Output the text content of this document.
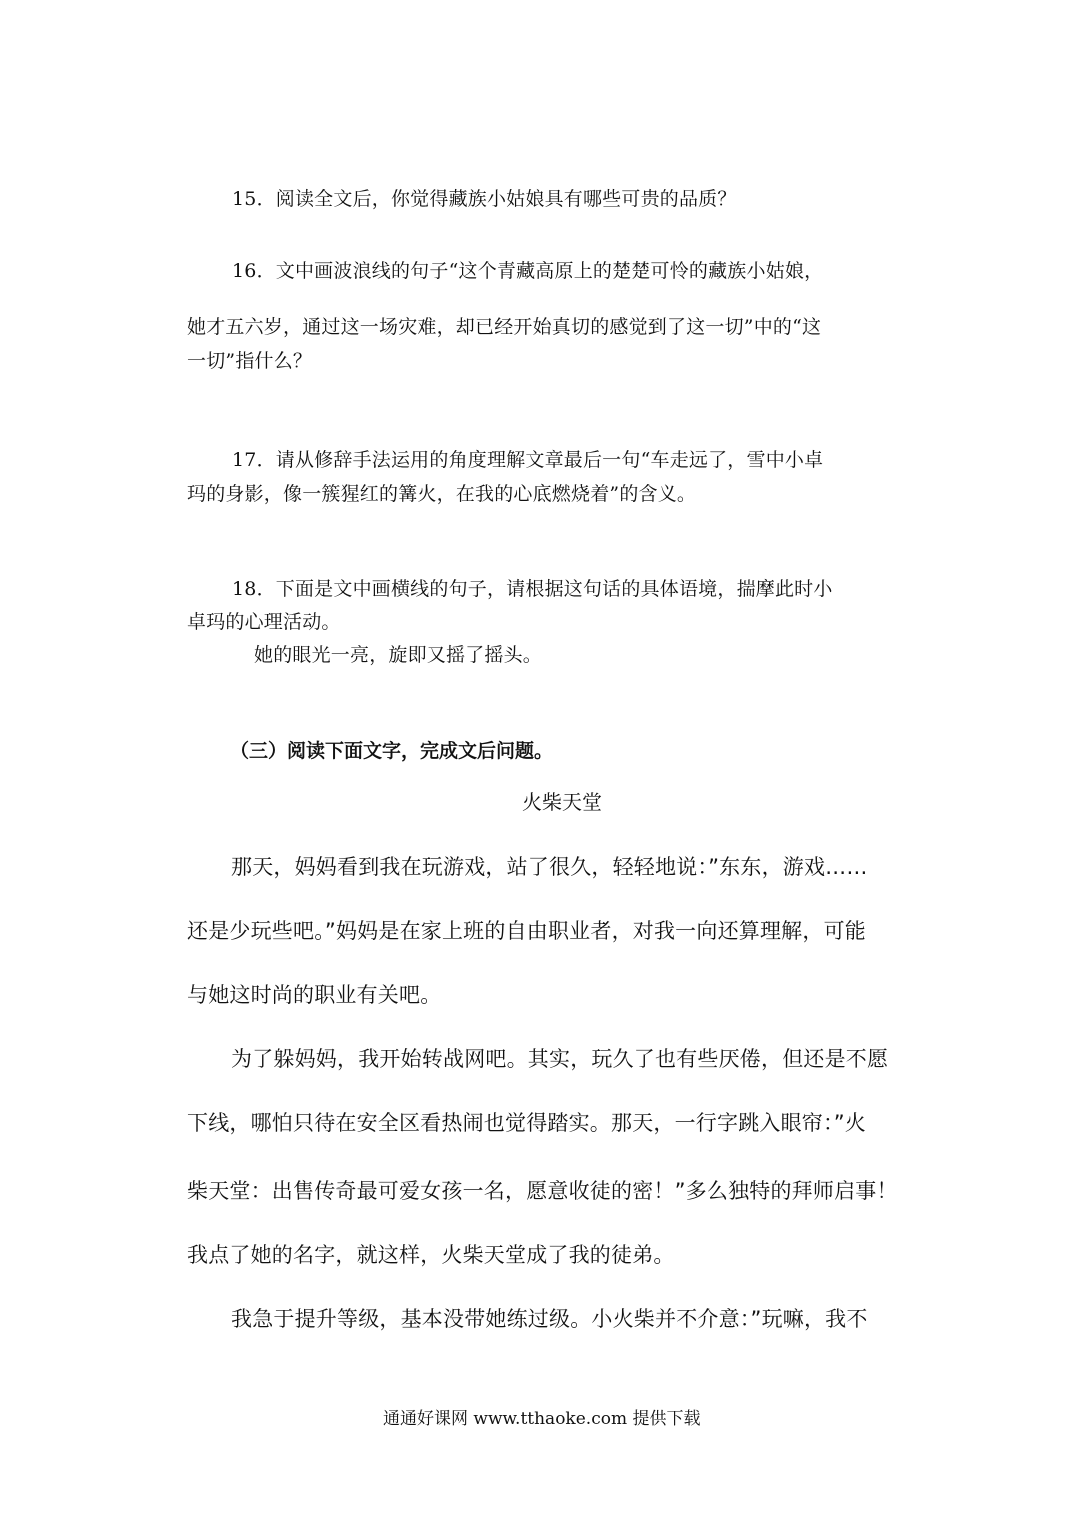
15．阅读全文后，你觉得藏族小姑娘具有哪些可贵的品质？
16．文中画波浪线的句子“这个青藏高原上的楚楚可怜的藏族小姑娘，
她才五六岁，通过这一场灾难，却已经开始真切的感觉到了这一切”中的“这
一切”指什么？
17．请从修辞手法运用的角度理解文章最后一句“车走远了，雪中小卓
玛的身影，像一簇猩红的篝火，在我的心底燃烧着”的含义。
18．下面是文中画横线的句子，请根据这句话的具体语境，揣摩此时小
卓玛的心理活动。
她的眼光一亮，旋即又摇了摇头。
（三）阅读下面文字，完成文后问题。
火柴天堂
那天，妈妈看到我在玩游戏，站了很久，轻轻地说：”东东，游戏……
还是少玩些吧。”妈妈是在家上班的自由职业者，对我一向还算理解，可能
与她这时尚的职业有关吧。
为了躲妈妈，我开始转战网吧。其实，玩久了也有些厌倦，但还是不愿
下线，哪怕只待在安全区看热闹也觉得踏实。那天，一行字跳入眼帘：”火
柴天堂：出售传奇最可爱女孩一名，愿意收徒的密！”多么独特的拜师启事！
我点了她的名字，就这样，火柴天堂成了我的徒弟。
我急于提升等级，基本没带她练过级。小火柴并不介意：”玩嘛，我不
通通好课网 www.tthaoke.com 提供下载
